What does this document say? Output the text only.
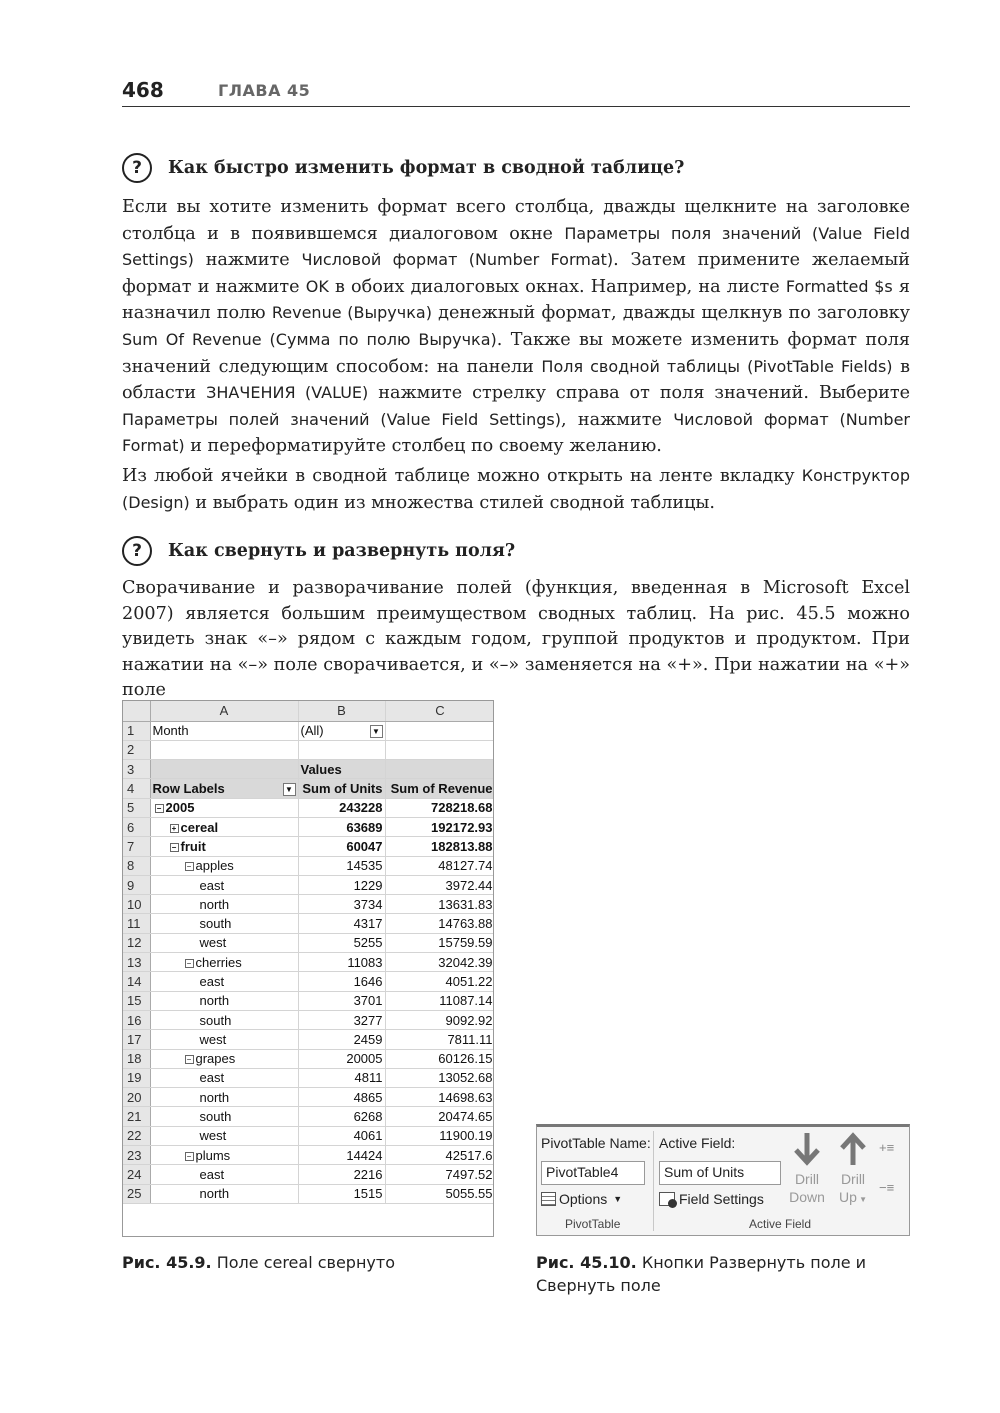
468	ГЛАВА 45
?	Как быстро изменить формат в сводной таблице?

Если вы хотите изменить формат всего столбца, дважды щелкните на заголовке столбца и в появившемся диалоговом окне Параметры поля значений (Value Field Settings) нажмите Числовой формат (Number Format). Затем примените желаемый формат и нажмите OK в обоих диалоговых окнах. Например, на листе Formatted $s я назначил полю Revenue (Выручка) денежный формат, дважды щелкнув по заголовку Sum Of Revenue (Сумма по полю Выручка). Также вы можете изменить формат поля значений следующим способом: на панели Поля сводной таблицы (PivotTable Fields) в области ЗНАЧЕНИЯ (VALUE) нажмите стрелку справа от поля значений. Выберите Параметры полей значений (Value Field Settings), нажмите Числовой формат (Number Format) и переформатируйте столбец по своему желанию.

Из любой ячейки в сводной таблице можно открыть на ленте вкладку Конструктор (Design) и выбрать один из множества стилей сводной таблицы.

?	Как свернуть и развернуть поля?

Сворачивание и разворачивание полей (функция, введенная в Microsoft Excel 2007) является большим преимуществом сводных таблиц. На рис. 45.5 можно увидеть знак «–» рядом с каждым годом, группой продуктов и продуктом. При нажатии на «–» поле сворачивается, и «–» заменяется на «+». При нажатии на «+» поле

	A	B	C
1	Month	(All) ▼	

2			
3		Values	
4	Row Labels ▼	Sum of Units	Sum of Revenue
5	− 2005	243228	728218.68
6	+ cereal	63689	192172.93
7	− fruit	60047	182813.88
8	− apples	14535	48127.74
9	east	1229	3972.44
10	north	3734	13631.83
11	south	4317	14763.88
12	west	5255	15759.59
13	− cherries	11083	32042.39
14	east	1646	4051.22
15	north	3701	11087.14
16	south	3277	9092.92
17	west	2459	7811.11
18	− grapes	20005	60126.15
19	east	4811	13052.68
20	north	4865	14698.63
21	south	6268	20474.65
22	west	4061	11900.19
23	− plums	14424	42517.6
24	east	2216	7497.52
25	north	1515	5055.55
PivotTable Name:
PivotTable4
Options ▼
PivotTable
Active Field:
Sum of Units
Field Settings
Drill
Down
Drill
Up ▼
+≡
−≡
Active Field
Рис. 45.9. Поле cereal свернуто	Рис. 45.10. Кнопки Развернуть поле и Свернуть поле
